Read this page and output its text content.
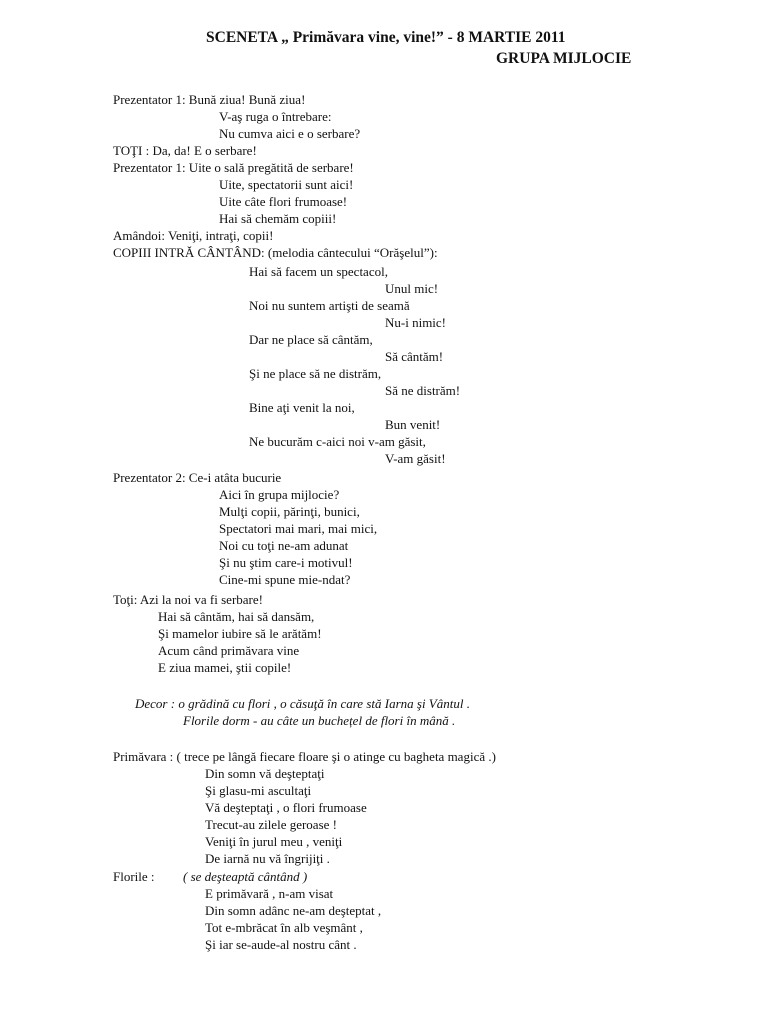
SCENETA „ Primăvara vine, vine!” - 8 MARTIE 2011
GRUPA MIJLOCIE
Prezentator 1: Bună ziua! Bună ziua!
V-aş ruga o întrebare:
Nu cumva aici e o serbare?
TOŢI : Da, da! E o serbare!
Prezentator 1: Uite o sală pregătită de serbare!
Uite, spectatorii sunt aici!
Uite câte flori frumoase!
Hai să chemăm copiii!
Amândoi: Veniţi, intraţi, copii!
COPIII INTRĂ CÂNTÂND: (melodia cântecului “Orăşelul”):
Hai să facem un spectacol,
Unul mic!
Noi nu suntem artişti de seamă
Nu-i nimic!
Dar ne place să cântăm,
Să cântăm!
Şi ne place să ne distrăm,
Să ne distrăm!
Bine aţi venit la noi,
Bun venit!
Ne bucurăm c-aici noi v-am găsit,
V-am găsit!
Prezentator 2: Ce-i atâta bucurie
Aici în grupa mijlocie?
Mulţi copii, părinţi, bunici,
Spectatori mai mari, mai mici,
Noi cu toţi ne-am adunat
Şi nu ştim care-i motivul!
Cine-mi spune mie-ndat?
Toţi: Azi la noi va fi serbare!
Hai să cântăm, hai să dansăm,
Şi mamelor iubire să le arătăm!
Acum când primăvara vine
E ziua mamei, ştii copile!
Decor : o grădină cu flori , o căsuţă în care stă Iarna şi Vântul .
Florile dorm - au câte un buchețel de flori în mână .
Primăvara : ( trece pe lângă fiecare floare şi o atinge cu bagheta magică .)
Din somn vă deşteptaţi
Şi glasu-mi ascultaţi
Vă deşteptaţi , o flori frumoase
Trecut-au zilele geroase !
Veniţi în jurul meu , veniţi
De iarnă nu vă îngrijiţi .
Florile : ( se deşteaptă cântând )
E primăvară , n-am visat
Din somn adânc ne-am deşteptat ,
Tot e-mbrăcat în alb veşmânt ,
Şi iar se-aude-al nostru cânt .
